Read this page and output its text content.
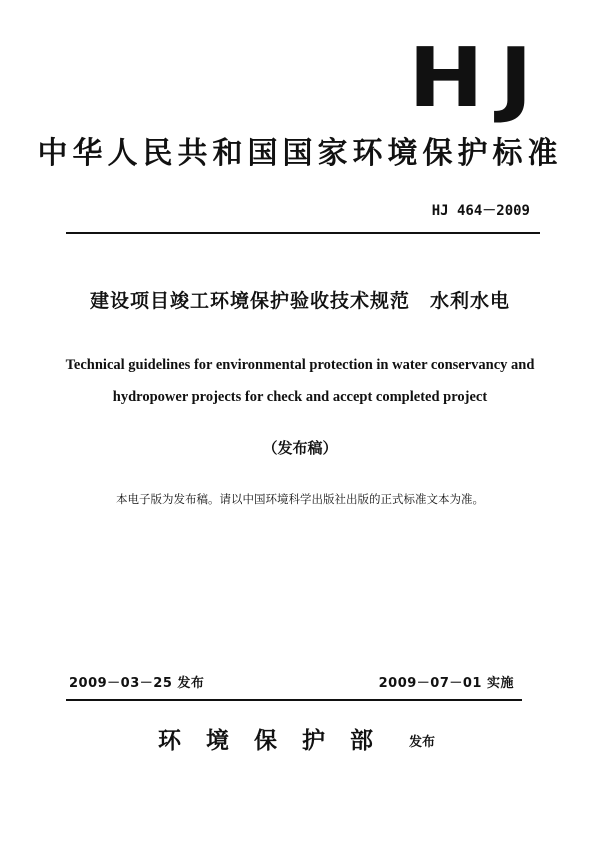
HJ
中华人民共和国国家环境保护标准
HJ 464－2009
建设项目竣工环境保护验收技术规范 水利水电
Technical guidelines for environmental protection in water conservancy and
hydropower projects for check and accept completed project
（发布稿）
本电子版为发布稿。请以中国环境科学出版社出版的正式标准文本为准。
2009－03－25 发布	2009－07－01 实施
环境保护部 发布
